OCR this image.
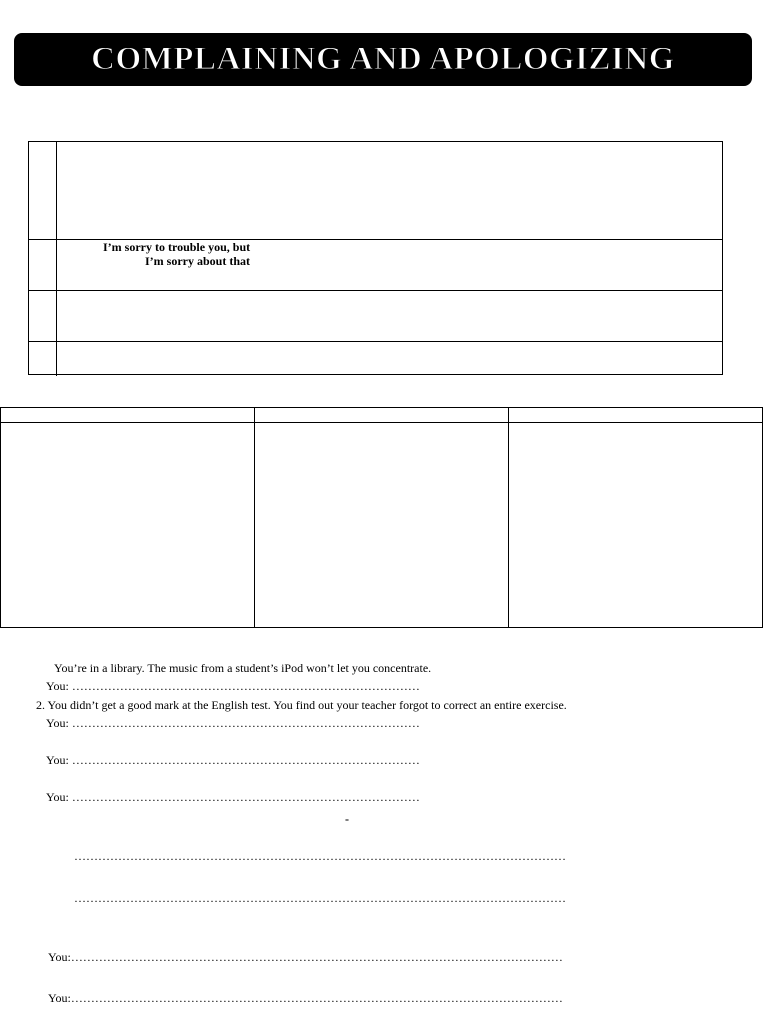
COMPLAINING AND APOLOGIZING
I’m sorry to trouble you, but
I’m sorry about that
You’re in a library. The music from a student’s iPod won’t let you concentrate.
You: ……………………………………………………………………………
2. You didn’t get a good mark at the English test. You find out your teacher forgot to correct an entire exercise.
You: ……………………………………………………………………………
You: ……………………………………………………………………………
You: ……………………………………………………………………………
-
……………………………………………………………………………………………………………
……………………………………………………………………………………………………………
You:……………………………………………………………………………………………………………
You:……………………………………………………………………………………………………………
